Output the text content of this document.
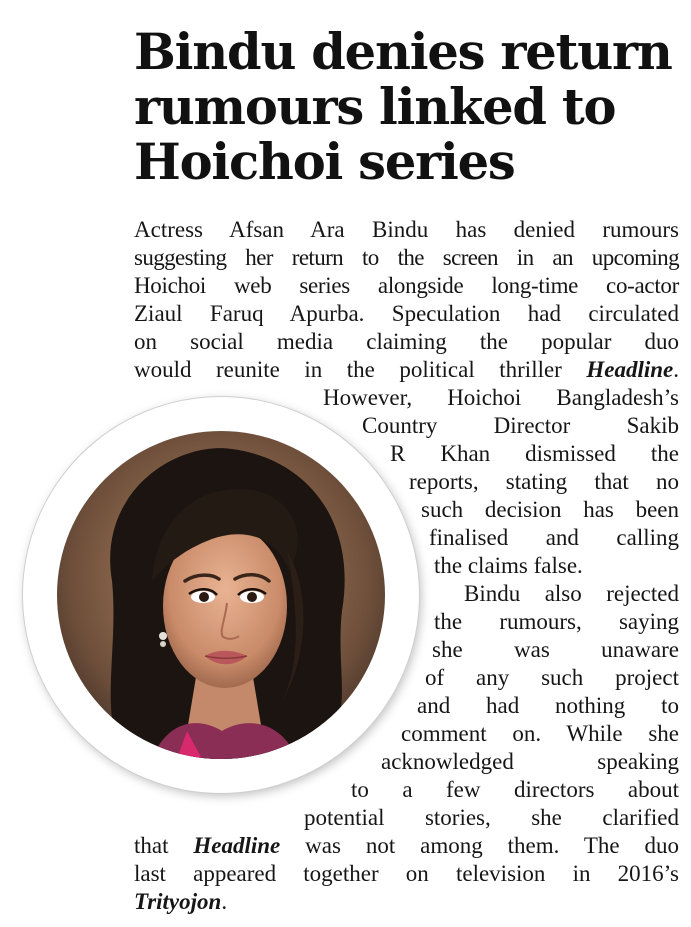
Bindu denies return
rumours linked to
Hoichoi series
Actress Afsan Ara Bindu has denied rumours
suggesting her return to the screen in an upcoming
Hoichoi web series alongside long-time co-actor
Ziaul Faruq Apurba. Speculation had circulated
on social media claiming the popular duo
would reunite in the political thriller Headline.
However, Hoichoi Bangladesh’s
Country Director Sakib
R Khan dismissed the
reports, stating that no
such decision has been
finalised and calling
the claims false.
Bindu also rejected
the rumours, saying
she was unaware
of any such project
and had nothing to
comment on. While she
acknowledged speaking
to a few directors about
potential stories, she clarified
that Headline was not among them. The duo
last appeared together on television in 2016’s
Trityojon.
